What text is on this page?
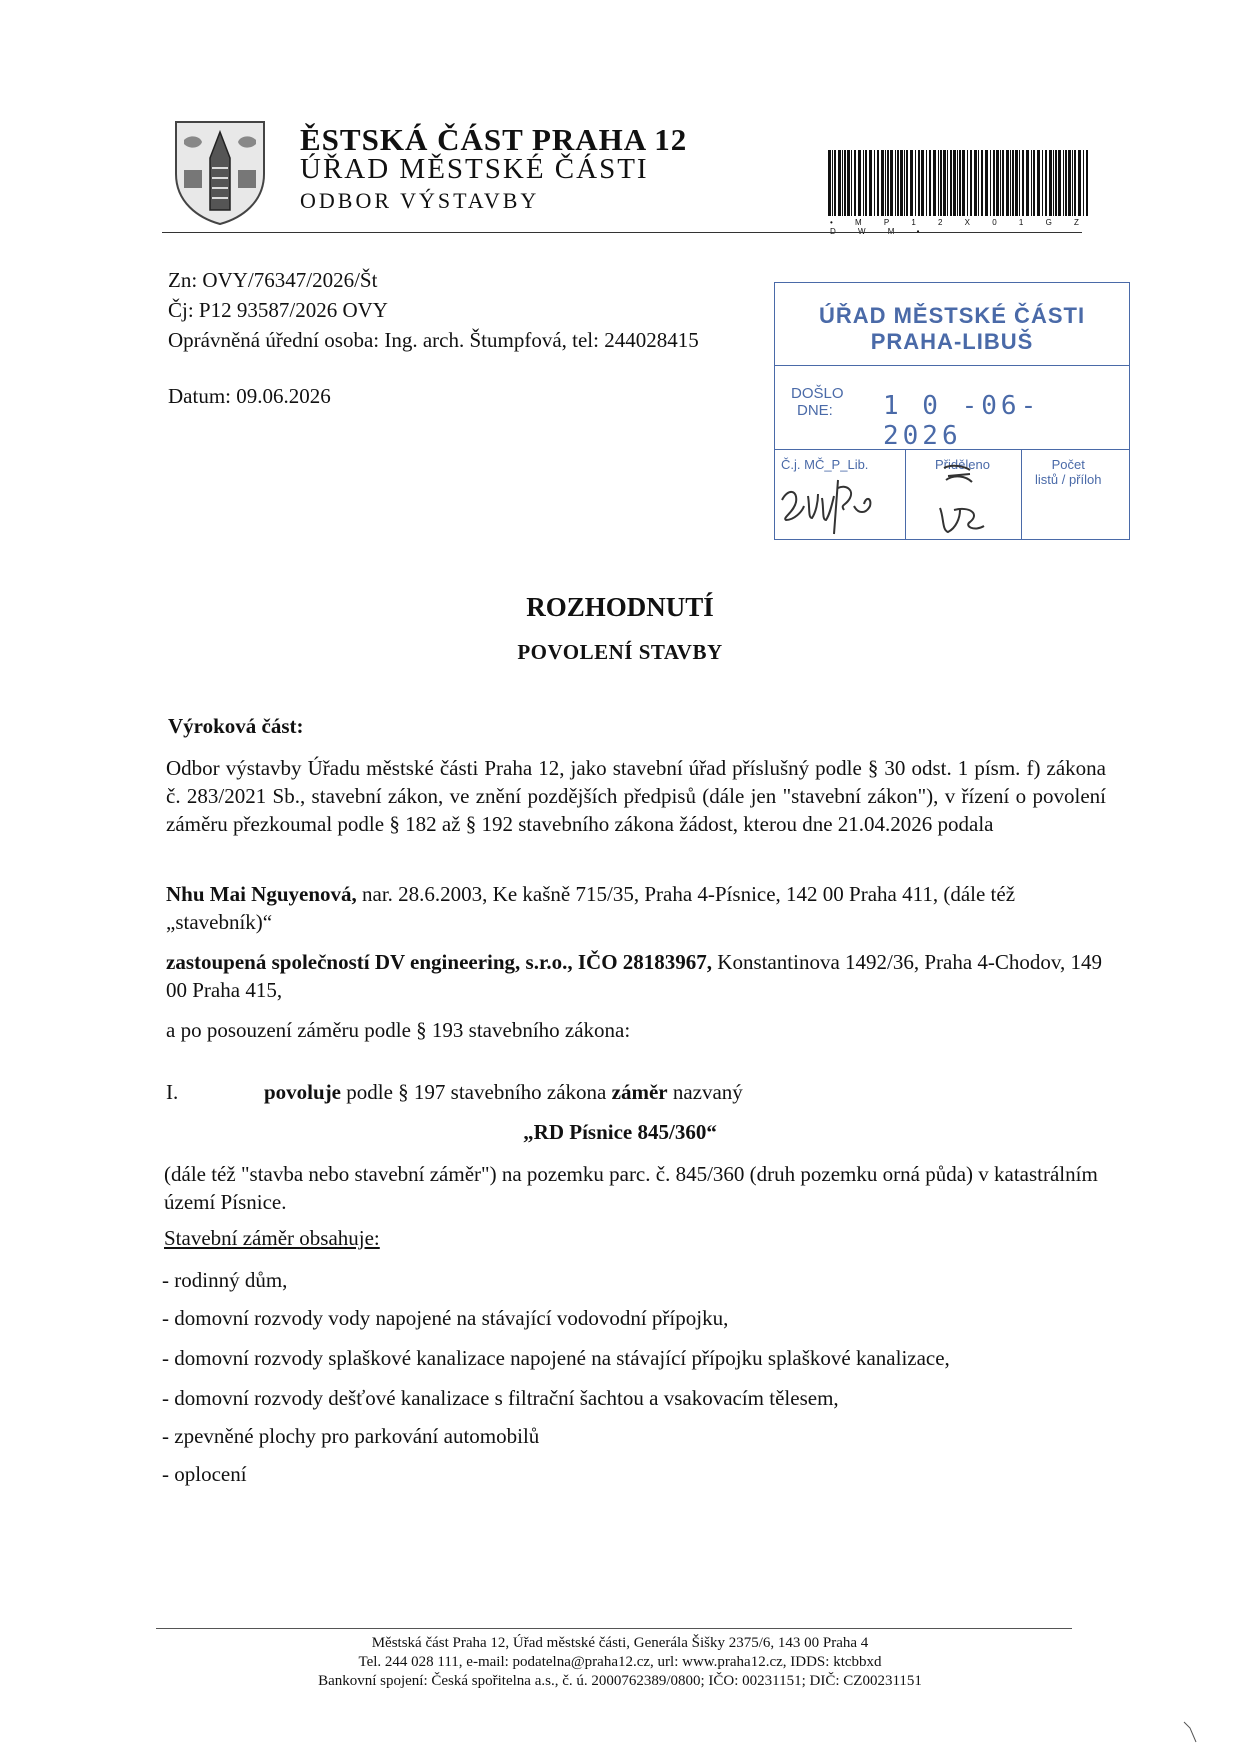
ĚSTSKÁ ČÁST PRAHA 12
ÚŘAD MĚSTSKÉ ČÁSTI
ODBOR VÝSTAVBY
• M P 1 2 X 0 1 G Z D W M •
Zn: OVY/76347/2026/Št
Čj: P12 93587/2026 OVY
Oprávněná úřední osoba: Ing. arch. Štumpfová, tel: 244028415
Datum: 09.06.2026
ÚŘAD MĚSTSKÉ ČÁSTI
PRAHA-LIBUŠ
DOŠLO
DNE:	1 0 -06- 2026
Č.j. MČ_P_Lib.	Přiděleno	Počet
listů / příloh
ROZHODNUTÍ
POVOLENÍ STAVBY
Výroková část:
Odbor výstavby Úřadu městské části Praha 12, jako stavební úřad příslušný podle § 30 odst. 1 písm. f) zákona č. 283/2021 Sb., stavební zákon, ve znění pozdějších předpisů (dále jen "stavební zákon"), v řízení o povolení záměru přezkoumal podle § 182 až § 192 stavebního zákona žádost, kterou dne 21.04.2026 podala
Nhu Mai Nguyenová, nar. 28.6.2003, Ke kašně 715/35, Praha 4-Písnice, 142 00 Praha 411, (dále též „stavebník)“
zastoupená společností DV engineering, s.r.o., IČO 28183967, Konstantinova 1492/36, Praha 4-Chodov, 149 00 Praha 415,
a po posouzení záměru podle § 193 stavebního zákona:
I.	povoluje podle § 197 stavebního zákona záměr nazvaný
„RD Písnice 845/360“
(dále též "stavba nebo stavební záměr") na pozemku parc. č. 845/360 (druh pozemku orná půda) v katastrálním území Písnice.
Stavební záměr obsahuje:
- rodinný dům,
- domovní rozvody vody napojené na stávající vodovodní přípojku,
- domovní rozvody splaškové kanalizace napojené na stávající přípojku splaškové kanalizace,
- domovní rozvody dešťové kanalizace s filtrační šachtou a vsakovacím tělesem,
- zpevněné plochy pro parkování automobilů
- oplocení
Městská část Praha 12, Úřad městské části, Generála Šišky 2375/6, 143 00 Praha 4
Tel. 244 028 111, e-mail: podatelna@praha12.cz, url: www.praha12.cz, IDDS: ktcbbxd
Bankovní spojení: Česká spořitelna a.s., č. ú. 2000762389/0800; IČO: 00231151; DIČ: CZ00231151
